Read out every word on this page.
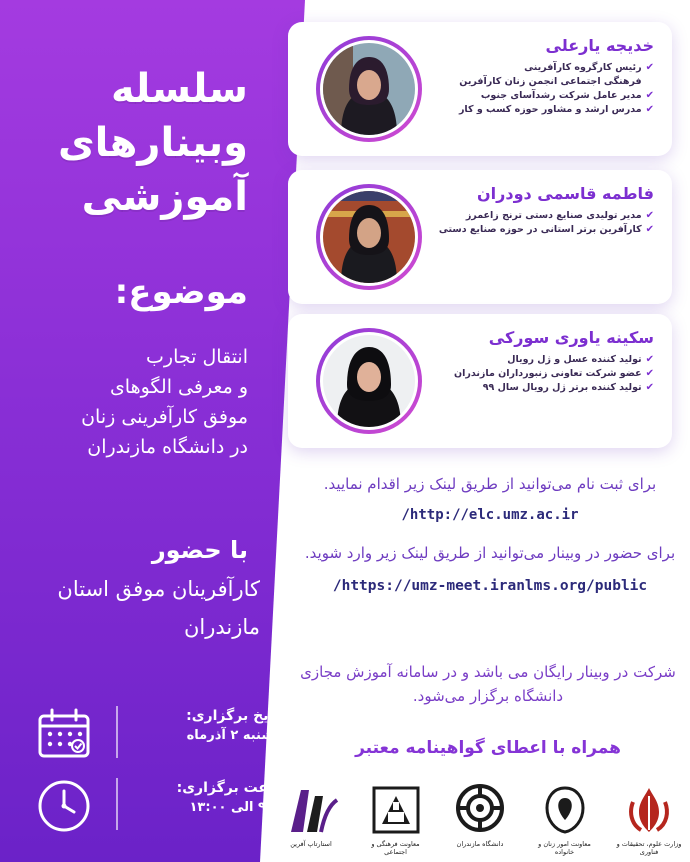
سلسله
وبینارهای
آموزشی
موضوع:
انتقال تجارب
و معرفی الگوهای
موفق کارآفرینی زنان
در دانشگاه مازندران
با حضور
کارآفرینان موفق استان
مازندران
تاریخ برگزاری:
یکشنبه ۲ آذرماه
ساعت برگزاری:
۹:۰۰ الی ۱۳:۰۰
خدیجه یارعلی
✔رئیس کارگروه کارآفرینی
فرهنگی اجتماعی انجمن زنان کارآفرین
✔مدیر عامل شرکت رشدآسای جنوب
✔مدرس ارشد و مشاور حوزه کسب و کار
فاطمه قاسمی دودران
✔مدیر تولیدی صنایع دستی ترنج زاعمرز
✔کارآفرین برتر استانی در حوزه صنایع دستی
سکینه یاوری سورکی
✔تولید کننده عسل و ژل رویال
✔عضو شرکت تعاونی زنبورداران مازندران
✔تولید کننده برتر ژل رویال سال ۹۹
برای ثبت نام می‌توانید از طریق لینک زیر اقدام نمایید.
http://elc.umz.ac.ir/
برای حضور در وبینار می‌توانید از طریق لینک زیر وارد شوید.
https://umz-meet.iranlms.org/public/
شرکت در وبینار رایگان می باشد و در سامانه آموزش مجازی دانشگاه برگزار می‌شود.
همراه با اعطای گواهینامه معتبر
استارتاپ آفرین	معاونت فرهنگی و اجتماعی
دانشگاه مازندران	معاونت امور زنان و خانواده
وزارت علوم، تحقیقات و فناوری
